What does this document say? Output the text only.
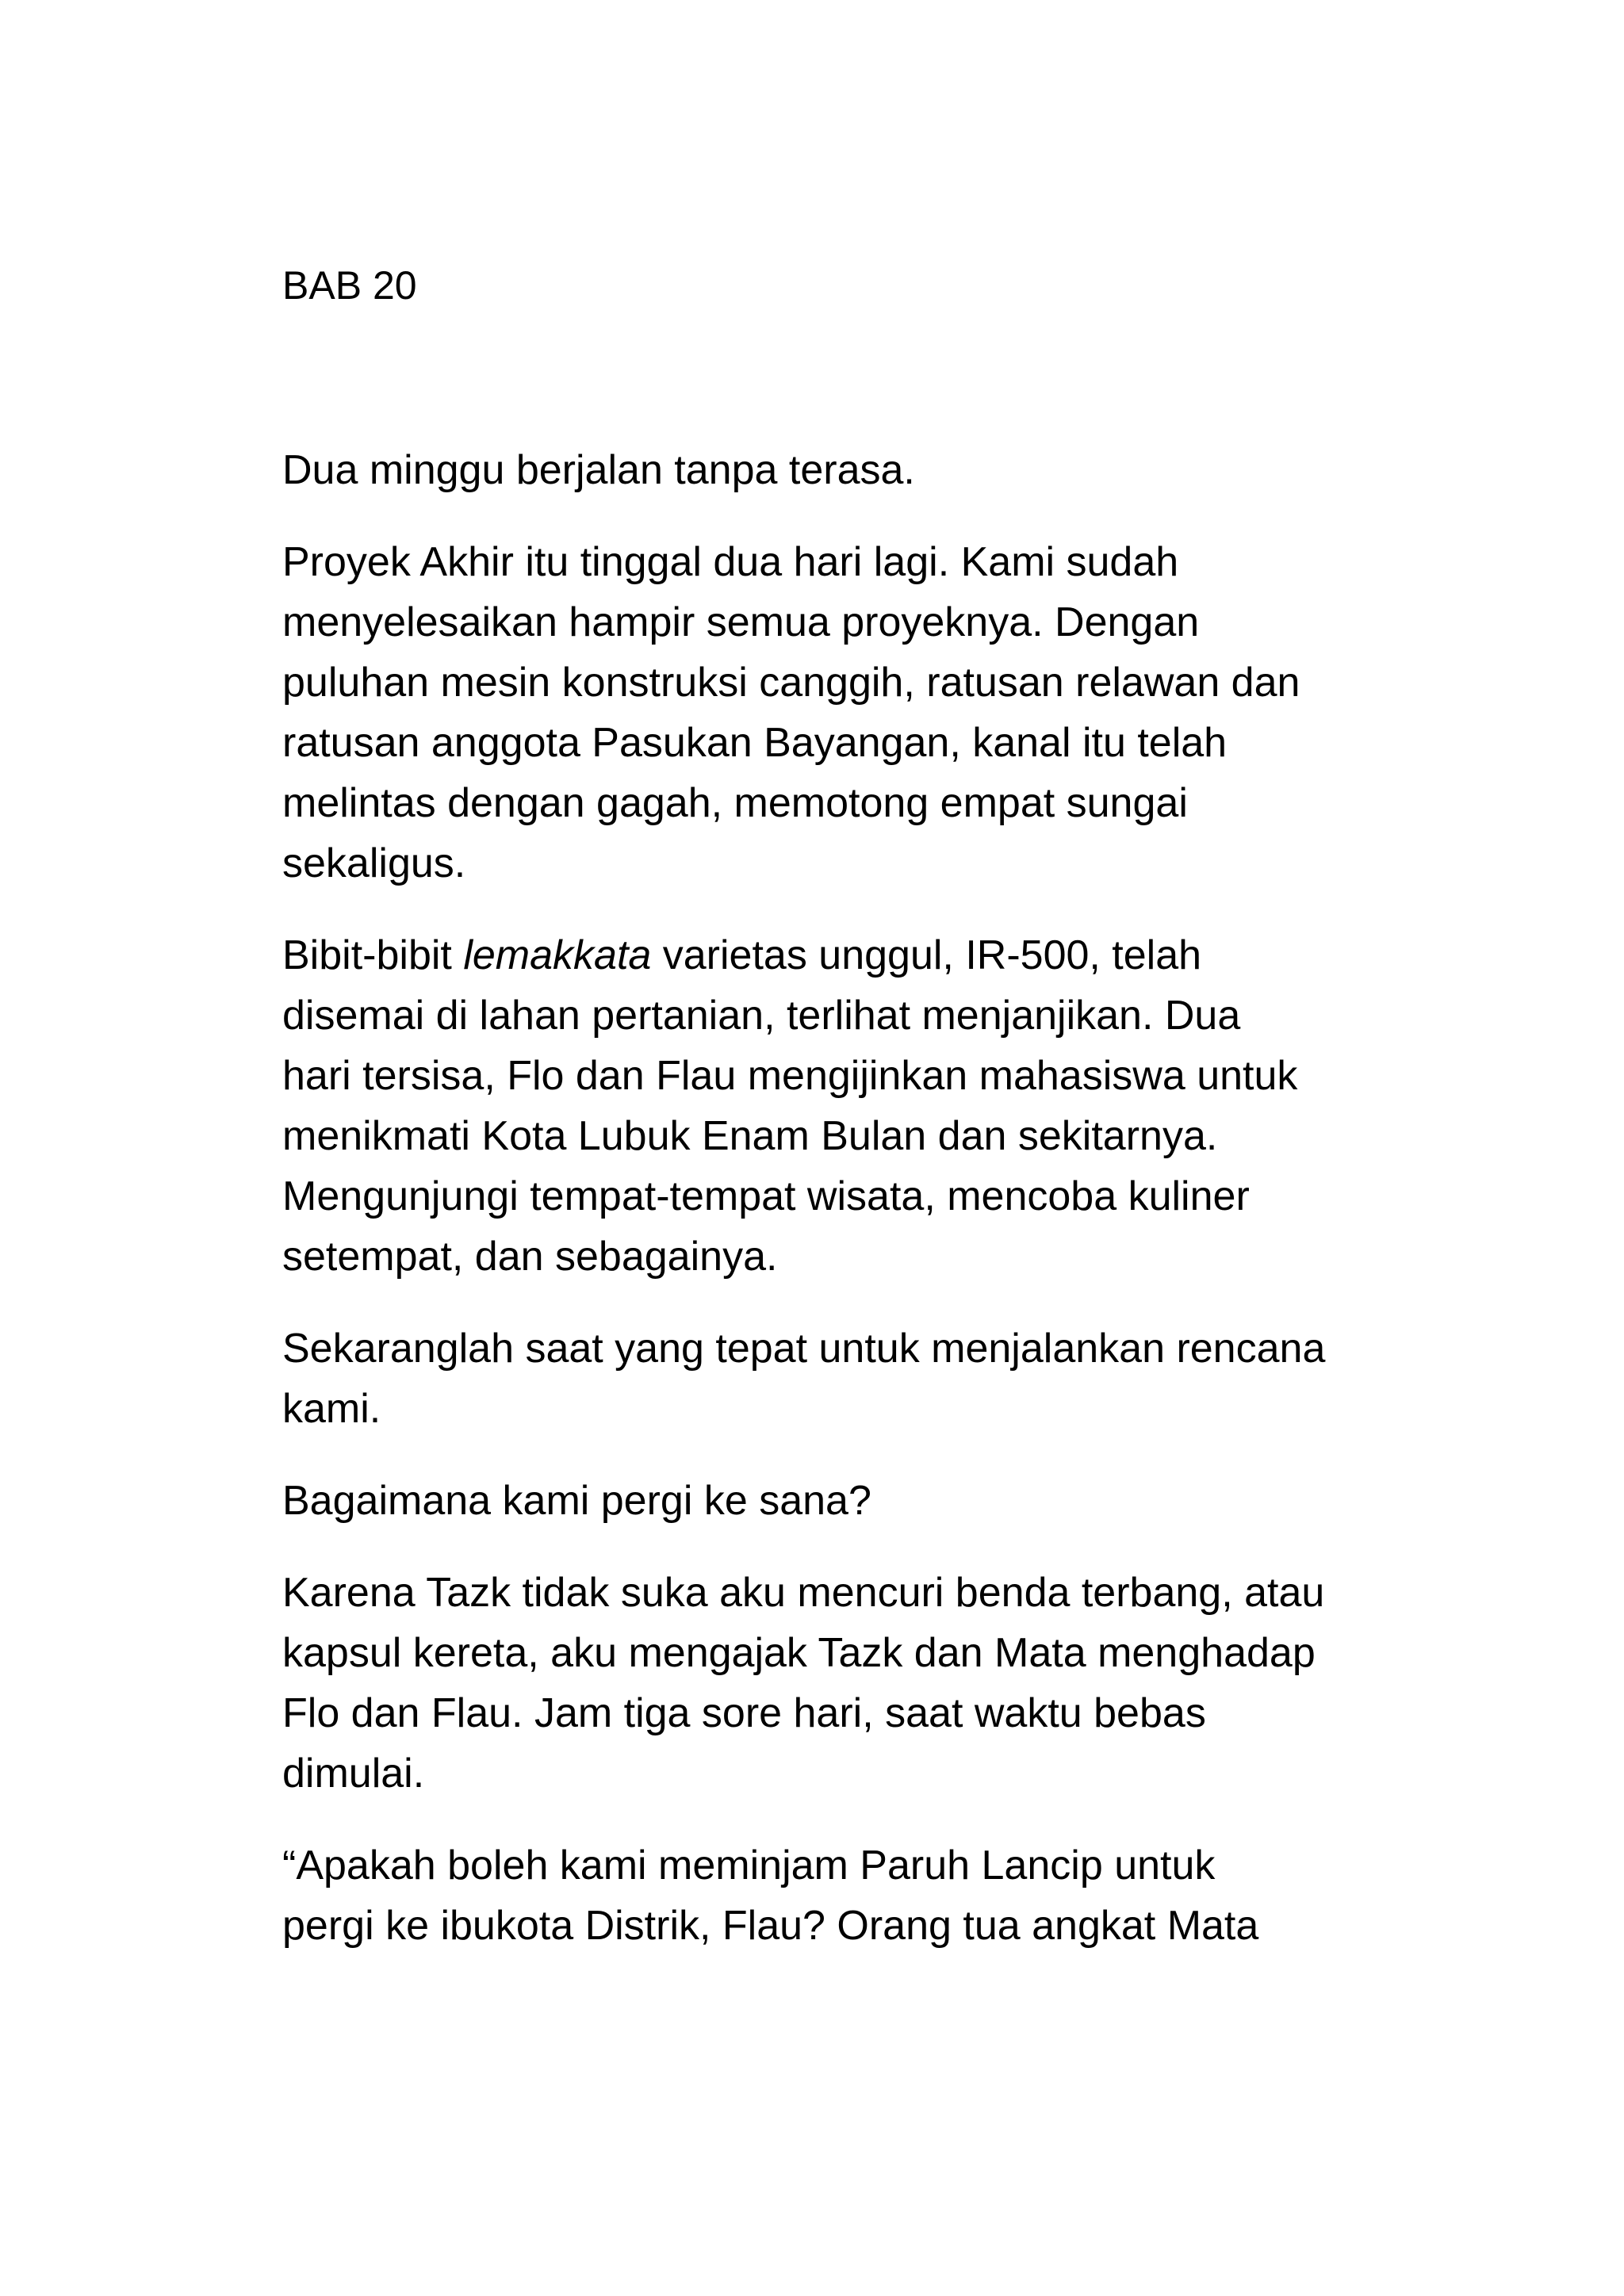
BAB 20

Dua minggu berjalan tanpa terasa.

Proyek Akhir itu tinggal dua hari lagi. Kami sudah
menyelesaikan hampir semua proyeknya. Dengan
puluhan mesin konstruksi canggih, ratusan relawan dan
ratusan anggota Pasukan Bayangan, kanal itu telah
melintas dengan gagah, memotong empat sungai
sekaligus.

Bibit-bibit lemakkata varietas unggul, IR-500, telah
disemai di lahan pertanian, terlihat menjanjikan. Dua
hari tersisa, Flo dan Flau mengijinkan mahasiswa untuk
menikmati Kota Lubuk Enam Bulan dan sekitarnya.
Mengunjungi tempat-tempat wisata, mencoba kuliner
setempat, dan sebagainya.

Sekaranglah saat yang tepat untuk menjalankan rencana
kami.

Bagaimana kami pergi ke sana?

Karena Tazk tidak suka aku mencuri benda terbang, atau
kapsul kereta, aku mengajak Tazk dan Mata menghadap
Flo dan Flau. Jam tiga sore hari, saat waktu bebas
dimulai.

“Apakah boleh kami meminjam Paruh Lancip untuk
pergi ke ibukota Distrik, Flau? Orang tua angkat Mata
